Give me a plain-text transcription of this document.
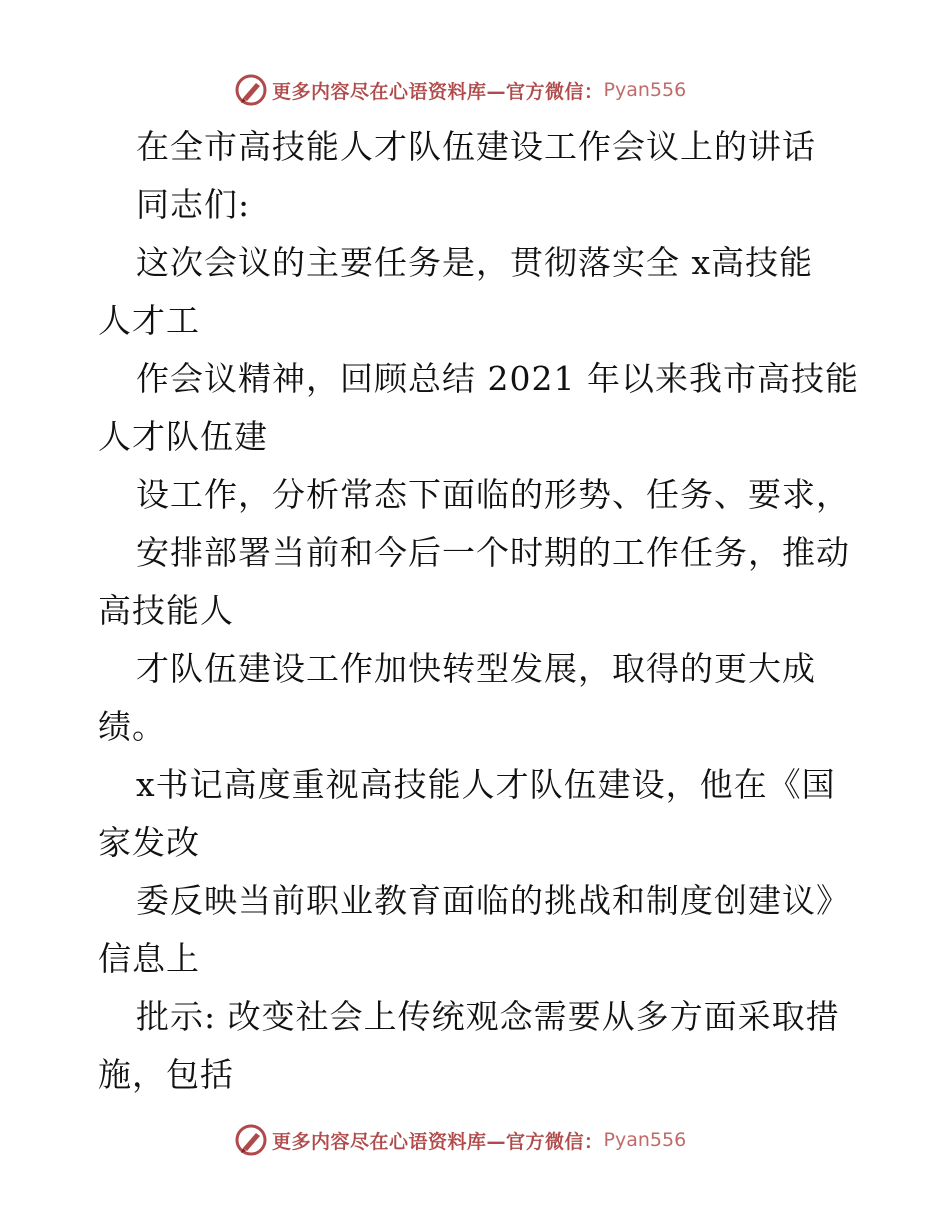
更多内容尽在心语资料库—官方微信： Pyan556
在全市高技能人才队伍建设工作会议上的讲话
同志们:
这次会议的主要任务是，贯彻落实全 x高技能
人才工
作会议精神，回顾总结 2021 年以来我市高技能
人才队伍建
设工作，分析常态下面临的形势、任务、要求，
安排部署当前和今后一个时期的工作任务，推动
高技能人
才队伍建设工作加快转型发展，取得的更大成
绩。
x书记高度重视高技能人才队伍建设，他在《国
家发改
委反映当前职业教育面临的挑战和制度创建议》
信息上
批示: 改变社会上传统观念需要从多方面采取措
施，包括
更多内容尽在心语资料库—官方微信： Pyan556
